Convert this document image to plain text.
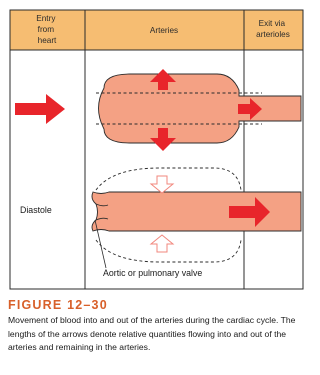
Entry from heart
Arteries
Exit via arterioles
Diastole
Aortic or pulmonary valve
FIGURE 12–30

Movement of blood into and out of the arteries during the cardiac cycle. The lengths of the arrows denote relative quantities flowing into and out of the arteries and remaining in the arteries.
